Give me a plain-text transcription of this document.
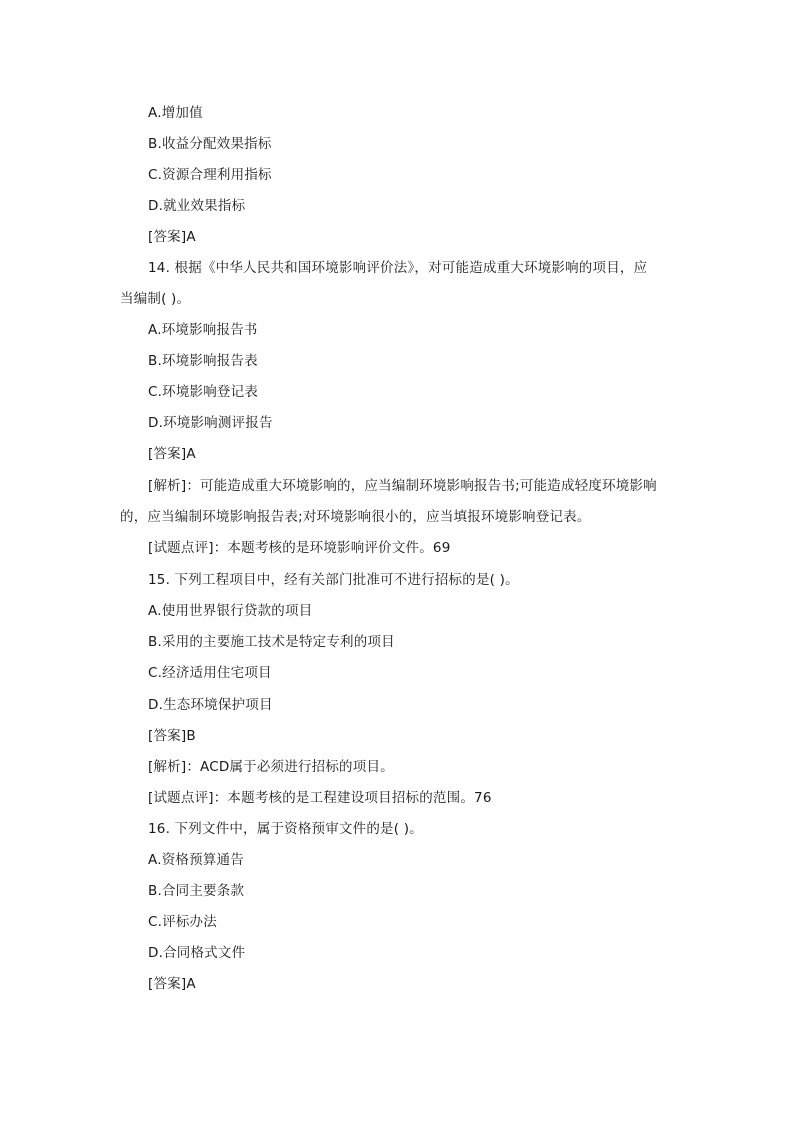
A.增加值
B.收益分配效果指标
C.资源合理利用指标
D.就业效果指标
[答案]A
14. 根据《中华人民共和国环境影响评价法》，对可能造成重大环境影响的项目，应
当编制( )。
A.环境影响报告书
B.环境影响报告表
C.环境影响登记表
D.环境影响测评报告
[答案]A
[解析]：可能造成重大环境影响的，应当编制环境影响报告书;可能造成轻度环境影响
的，应当编制环境影响报告表;对环境影响很小的，应当填报环境影响登记表。
[试题点评]：本题考核的是环境影响评价文件。69
15. 下列工程项目中，经有关部门批准可不进行招标的是( )。
A.使用世界银行贷款的项目
B.采用的主要施工技术是特定专利的项目
C.经济适用住宅项目
D.生态环境保护项目
[答案]B
[解析]：ACD属于必须进行招标的项目。
[试题点评]：本题考核的是工程建设项目招标的范围。76
16. 下列文件中，属于资格预审文件的是( )。
A.资格预算通告
B.合同主要条款
C.评标办法
D.合同格式文件
[答案]A
